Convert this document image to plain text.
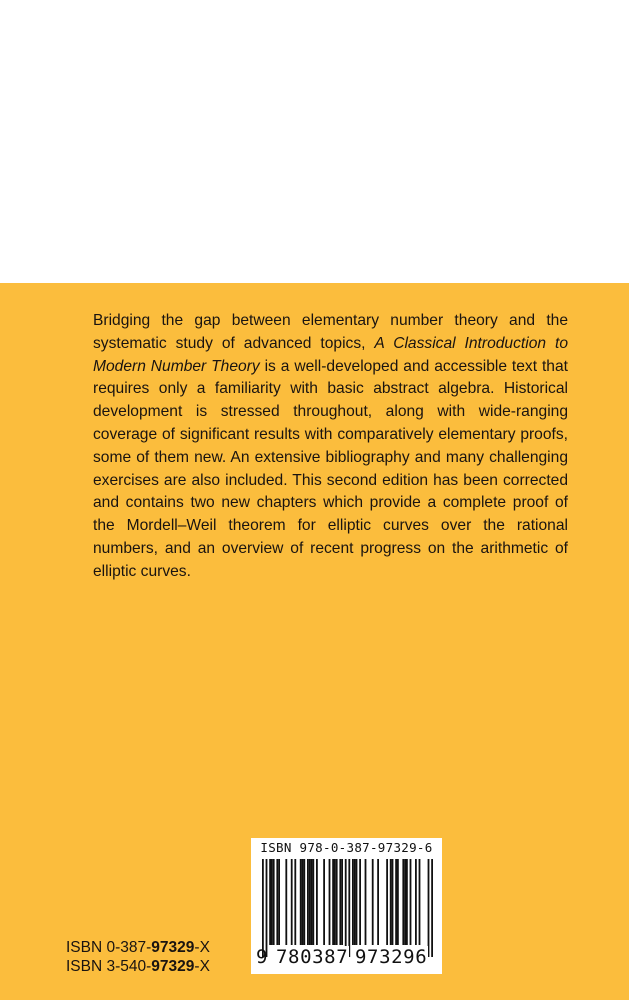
Bridging the gap between elementary number theory and the systematic study of advanced topics, A Classical Introduction to Modern Number Theory is a well-developed and accessible text that requires only a familiarity with basic abstract algebra. Historical development is stressed throughout, along with wide-ranging coverage of significant results with comparatively elementary proofs, some of them new. An extensive bibliography and many challenging exercises are also included. This second edition has been corrected and contains two new chapters which provide a complete proof of the Mordell–Weil theorem for elliptic curves over the rational numbers, and an overview of recent progress on the arithmetic of elliptic curves.

ISBN 978-0-387-97329-6
9 780387 973296
ISBN 0-387-97329-X
ISBN 3-540-97329-X
